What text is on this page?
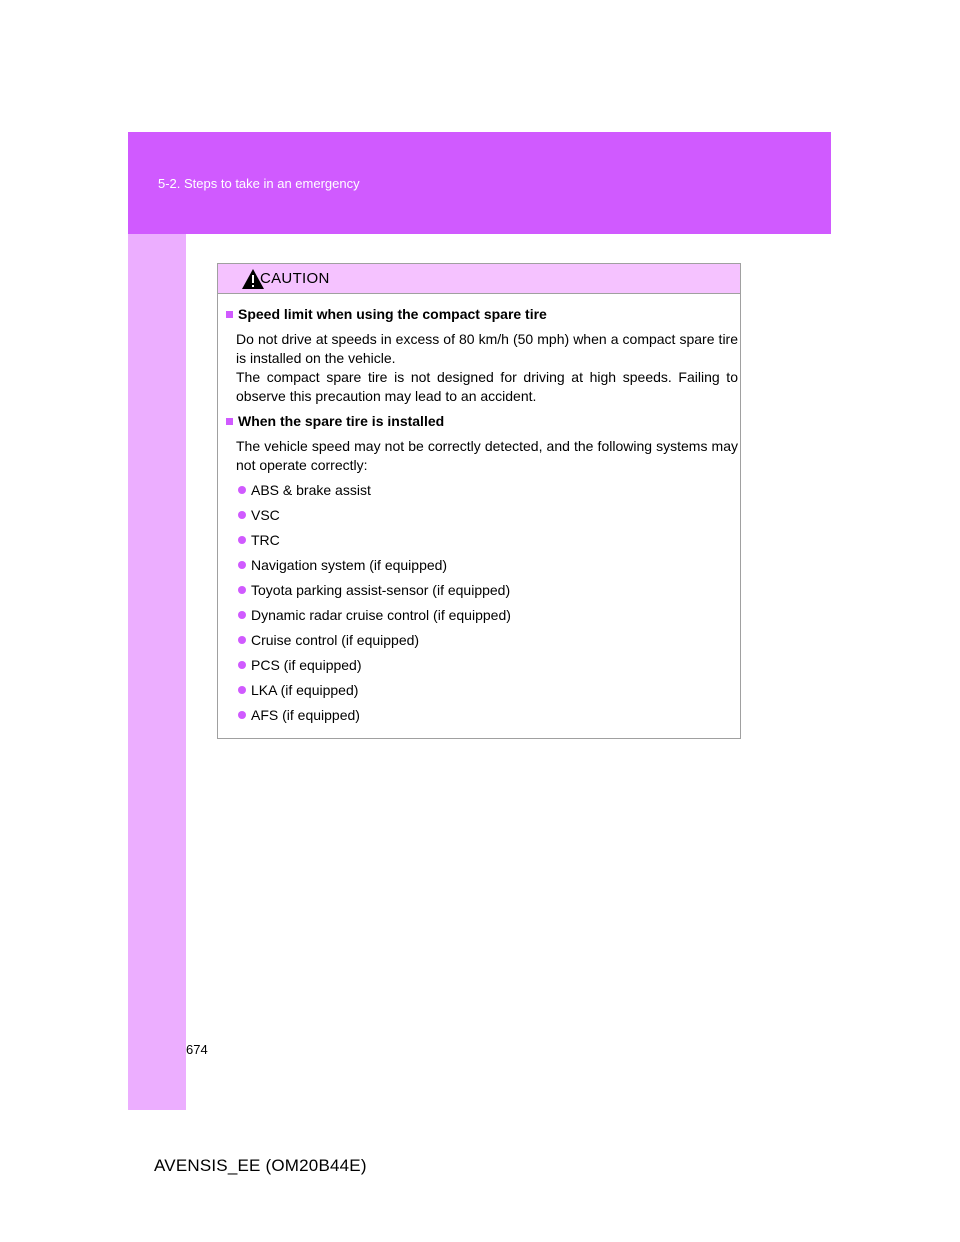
5-2. Steps to take in an emergency
CAUTION
Speed limit when using the compact spare tire
Do not drive at speeds in excess of 80 km/h (50 mph) when a compact spare tire is installed on the vehicle.
The compact spare tire is not designed for driving at high speeds. Failing to observe this precaution may lead to an accident.
When the spare tire is installed
The vehicle speed may not be correctly detected, and the following systems may not operate correctly:
ABS & brake assist
VSC
TRC
Navigation system (if equipped)
Toyota parking assist-sensor (if equipped)
Dynamic radar cruise control (if equipped)
Cruise control (if equipped)
PCS (if equipped)
LKA (if equipped)
AFS (if equipped)
674
AVENSIS_EE (OM20B44E)
